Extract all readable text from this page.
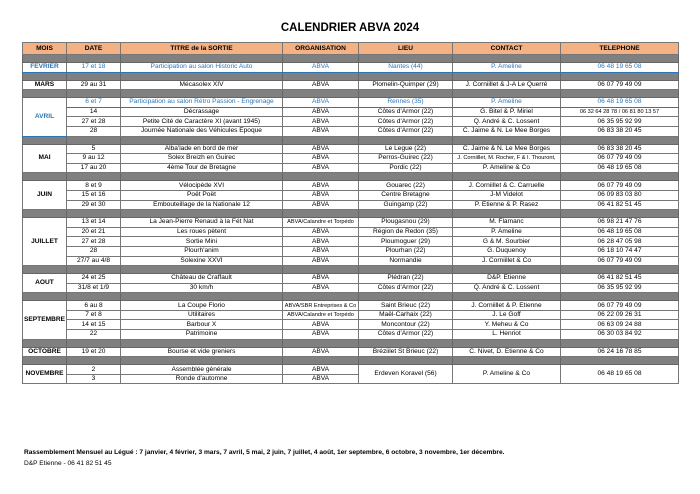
CALENDRIER ABVA 2024
MOIS	DATE	TITRE de la SORTIE	ORGANISATION	LIEU	CONTACT	TELEPHONE

FEVRIER	17 et 18	Participation au salon Historic Auto	ABVA	Nantes (44)	P. Ameline	06 48 19 65 08

MARS	29 au 31	Mécasolex XIV	ABVA	Plomelin-Quimper (29)	J. Corniillet & J-A Le Querré	06 07 79 49 09

AVRIL	6 et 7	Participation au salon Rétro Passion - Engrenage	ABVA	Rennes (35)	P. Ameline	06 48 19 65 08
	14	Décrassage	ABVA	Côtes d'Armor (22)	G. Bitel & P. Miriel	06 32 64 28 78 / 06 81 80 13 57
	27 et 28	Petite Cité de Caractère XI (avant 1945)	ABVA	Côtes d'Armor (22)	Q. André & C. Lossent	06 35 95 92 99
	28	Journée Nationale des Véhicules Epoque	ABVA	Côtes d'Armor (22)	C. Jaime & N. Le Mee Borges	06 83 38 20 45

MAI	5	Alba'lade en bord de mer	ABVA	Le Legue (22)	C. Jaime & N. Le Mee Borges	06 83 38 20 45
	9 au 12	Solex Breizh en Guirec	ABVA	Perros-Guirec (22)	J. Corniillet, M. Rocher, F & I. Thouront,	06 07 79 49 09
	17 au 20	4ème Tour de Bretagne	ABVA	Pordic (22)	P. Ameline & Co	06 48 19 65 08

JUIN	8 et 9	Vélocipède XVI	ABVA	Gouarec (22)	J. Corniillet & C. Carruelle	06 07 79 49 09
	15 et 16	Poët Poët	ABVA	Centre Bretagne	J-M Videlot	06 09 83 03 80
	29 et 30	Embouteillage de la Nationale 12	ABVA	Guingamp (22)	P. Etienne & P. Rasez	06 41 82 51 45

JUILLET	13 et 14	La Jean-Pierre Renaud à la Fét Nat	ABVA/Calandre et Torpédo	Plougasnou (29)	M. Flamanc	06 98 21 47 76
	20 et 21	Les roues pètent	ABVA	Région de Redon (35)	P. Ameline	06 48 19 65 08
	27 et 28	Sortie Mini	ABVA	Ploumoguer (29)	G & M. Sourbier	06 28 47 05 98
	28	Plourh'anim	ABVA	Plourhan (22)	G. Duquenoy	06 18 10 74 47
	27/7 au 4/8	Solexine XXVI	ABVA	Normandie	J. Corniillet & Co	06 07 79 49 09

AOUT	24 et 25	Château de Craffault	ABVA	Plédran (22)	D&P. Etienne	06 41 82 51 45
	31/8 et 1/9	30 km/h	ABVA	Côtes d'Armor (22)	Q. André & C. Lossent	06 35 95 92 99

SEPTEMBRE	6 au 8	La Coupe Florio	ABVA/SBR Entreprises & Co	Saint Brieuc (22)	J. Corniillet & P. Etienne	06 07 79 49 09
	7 et 8	Utilitaires	ABVA/Calandre et Torpédo	Maël-Carhaix (22)	J. Le Goff	06 22 09 26 31
	14 et 15	Barbour X	ABVA	Moncontour (22)	Y. Meheu & Co	06 63 09 24 88
	22	Patrimoine	ABVA	Côtes d'Armor (22)	L. Henriot	06 30 03 84 92

OCTOBRE	19 et 20	Bourse et vide greniers	ABVA	Bréziilet St Brieuc (22)	C. Nivet, D. Etienne & Co	06 24 16 78 85

NOVEMBRE	2	Assemblée générale	ABVA	Erdeven Koravel (56)	P. Ameline & Co	06 48 19 65 08
	3	Ronde d'automne	ABVA			
Rassemblement Mensuel au Légué : 7 janvier, 4 février, 3 mars, 7 avril, 5 mai, 2 juin, 7 juillet, 4 août, 1er septembre, 6 octobre, 3 novembre, 1er décembre.
D&P Etienne - 06 41 82 51 45
